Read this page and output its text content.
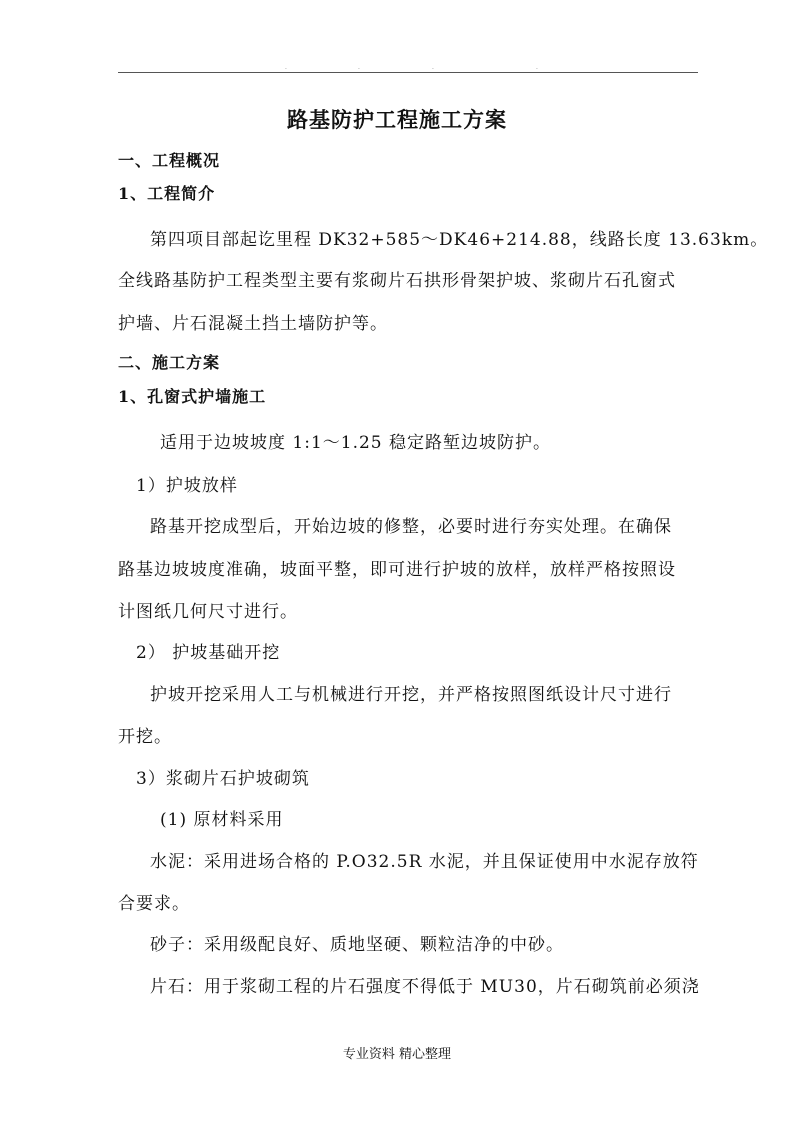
·	·	·	·
路基防护工程施工方案
一、工程概况
1、工程简介
第四项目部起讫里程 DK32+585～DK46+214.88，线路长度 13.63km。
全线路基防护工程类型主要有浆砌片石拱形骨架护坡、浆砌片石孔窗式
护墙、片石混凝土挡土墙防护等。
二、施工方案
1、孔窗式护墙施工
适用于边坡坡度 1:1～1.25 稳定路堑边坡防护。
1）护坡放样
路基开挖成型后，开始边坡的修整，必要时进行夯实处理。在确保
路基边坡坡度准确，坡面平整，即可进行护坡的放样，放样严格按照设
计图纸几何尺寸进行。
2） 护坡基础开挖
护坡开挖采用人工与机械进行开挖，并严格按照图纸设计尺寸进行
开挖。
3）浆砌片石护坡砌筑
(1) 原材料采用
水泥：采用进场合格的 P.O32.5R 水泥，并且保证使用中水泥存放符
合要求。
砂子：采用级配良好、质地坚硬、颗粒洁净的中砂。
片石：用于浆砌工程的片石强度不得低于 MU30，片石砌筑前必须浇
专业资料 精心整理
